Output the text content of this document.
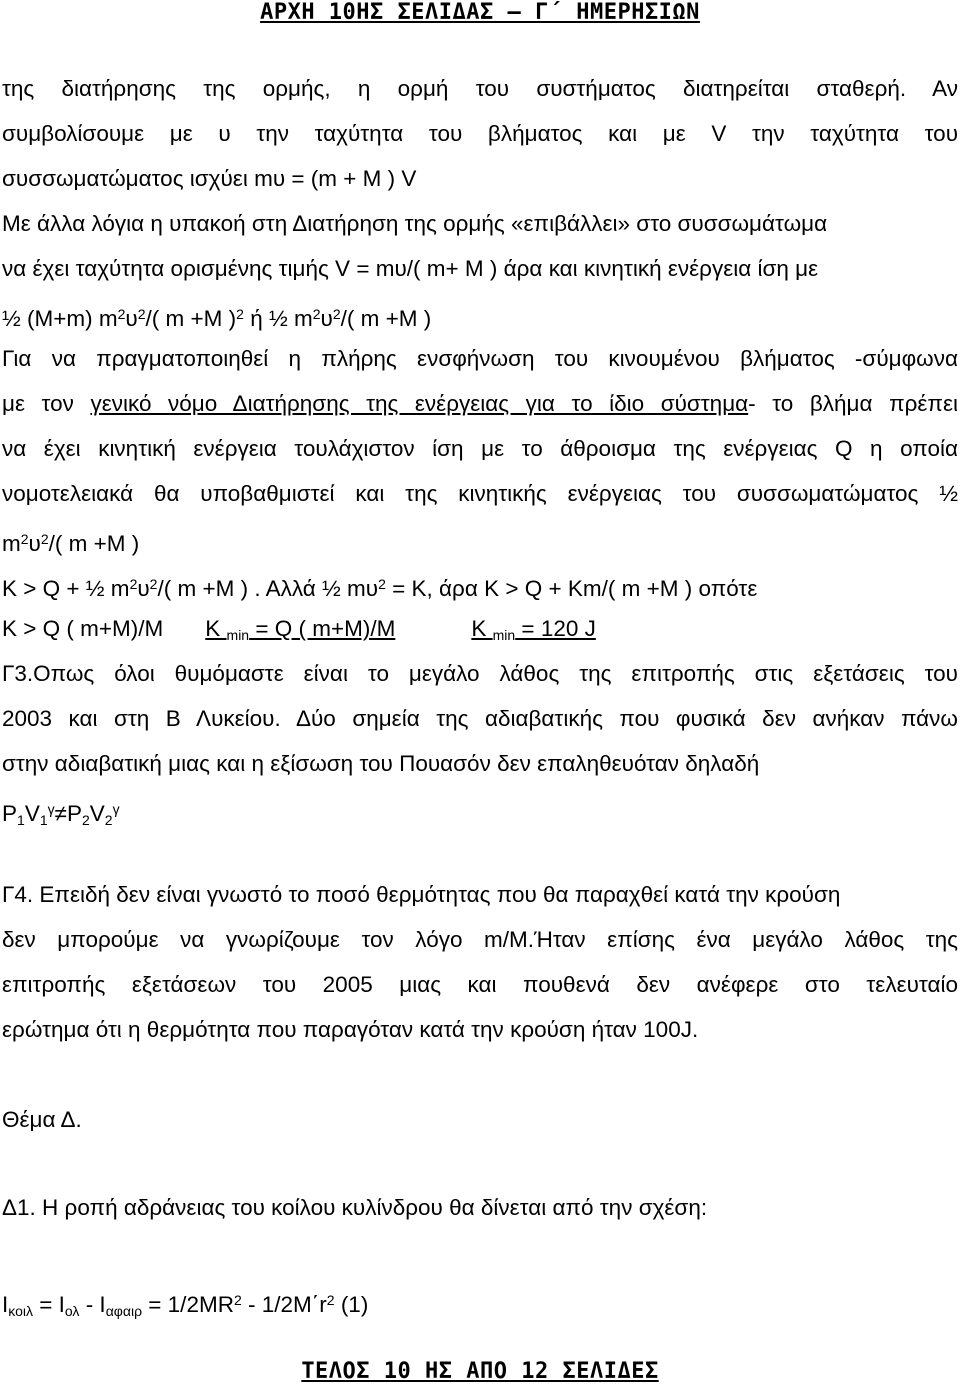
ΑΡΧΗ 10ΗΣ ΣΕΛΙΔΑΣ – Γ΄ ΗΜΕΡΗΣΙΩΝ
της διατήρησης της ορμής, η ορμή του συστήματος διατηρείται σταθερή. Αν
συμβολίσουμε με υ την ταχύτητα του βλήματος και με V την ταχύτητα του
συσσωματώματος ισχύει mυ = (m + M ) V
Με άλλα λόγια η υπακοή στη Διατήρηση της ορμής «επιβάλλει» στο συσσωμάτωμα
να έχει ταχύτητα ορισμένης τιμής V = mυ/( m+ M ) άρα και κινητική ενέργεια ίση με
½ (M+m) $m^2\upsilon^2/$( m +M )$^2$ ή ½ $m^2\upsilon^2/$( m +M )
Για να πραγματοποιηθεί η πλήρης ενσφήνωση του κινουμένου βλήματος -σύμφωνα
με τον γενικό νόμο Διατήρησης της ενέργειας για το ίδιο σύστημα- το βλήμα πρέπει
να έχει κινητική ενέργεια τουλάχιστον ίση με το άθροισμα της ενέργειας Q η οποία
νομοτελειακά θα υποβαθμιστεί και της κινητικής ενέργειας του συσσωματώματος ½
$m^2\upsilon^2/$( m +M )
K > Q + ½ $m^2\upsilon^2/$( m +M ) . Αλλά ½ $m\upsilon^2 = K$, άρα K > Q + Km/( m +M ) οπότε
K > Q ( m+M)/M K $_{min}$ = Q ( m+M)/M	K $_{min}$ = 120 J
Γ3.Οπως όλοι θυμόμαστε είναι το μεγάλο λάθος της επιτροπής στις εξετάσεις του
2003 και στη Β Λυκείου. Δύο σημεία της αδιαβατικής που φυσικά δεν ανήκαν πάνω
στην αδιαβατική μιας και η εξίσωση του Πουασόν δεν επαληθευόταν δηλαδή
$P_1V_1^\gamma\ne P_2V_2^\gamma$
Γ4. Επειδή δεν είναι γνωστό το ποσό θερμότητας που θα παραχθεί κατά την κρούση
δεν μπορούμε να γνωρίζουμε τον λόγο m/M.Ήταν επίσης ένα μεγάλο λάθος της
επιτροπής εξετάσεων του 2005 μιας και πουθενά δεν ανέφερε στο τελευταίο
ερώτημα ότι η θερμότητα που παραγόταν κατά την κρούση ήταν 100J.
Θέμα Δ.
Δ1. Η ροπή αδράνειας του κοίλου κυλίνδρου θα δίνεται από την σχέση:
$I_{\kappa o\iota\lambda} = I_{o\lambda} - I_{\alpha\varphi\alpha\iota\rho} = 1/2MR^2 - 1/2M΄r^2$ (1)
ΤΕΛΟΣ 10 ΗΣ ΑΠΟ 12 ΣΕΛΙΔΕΣ
